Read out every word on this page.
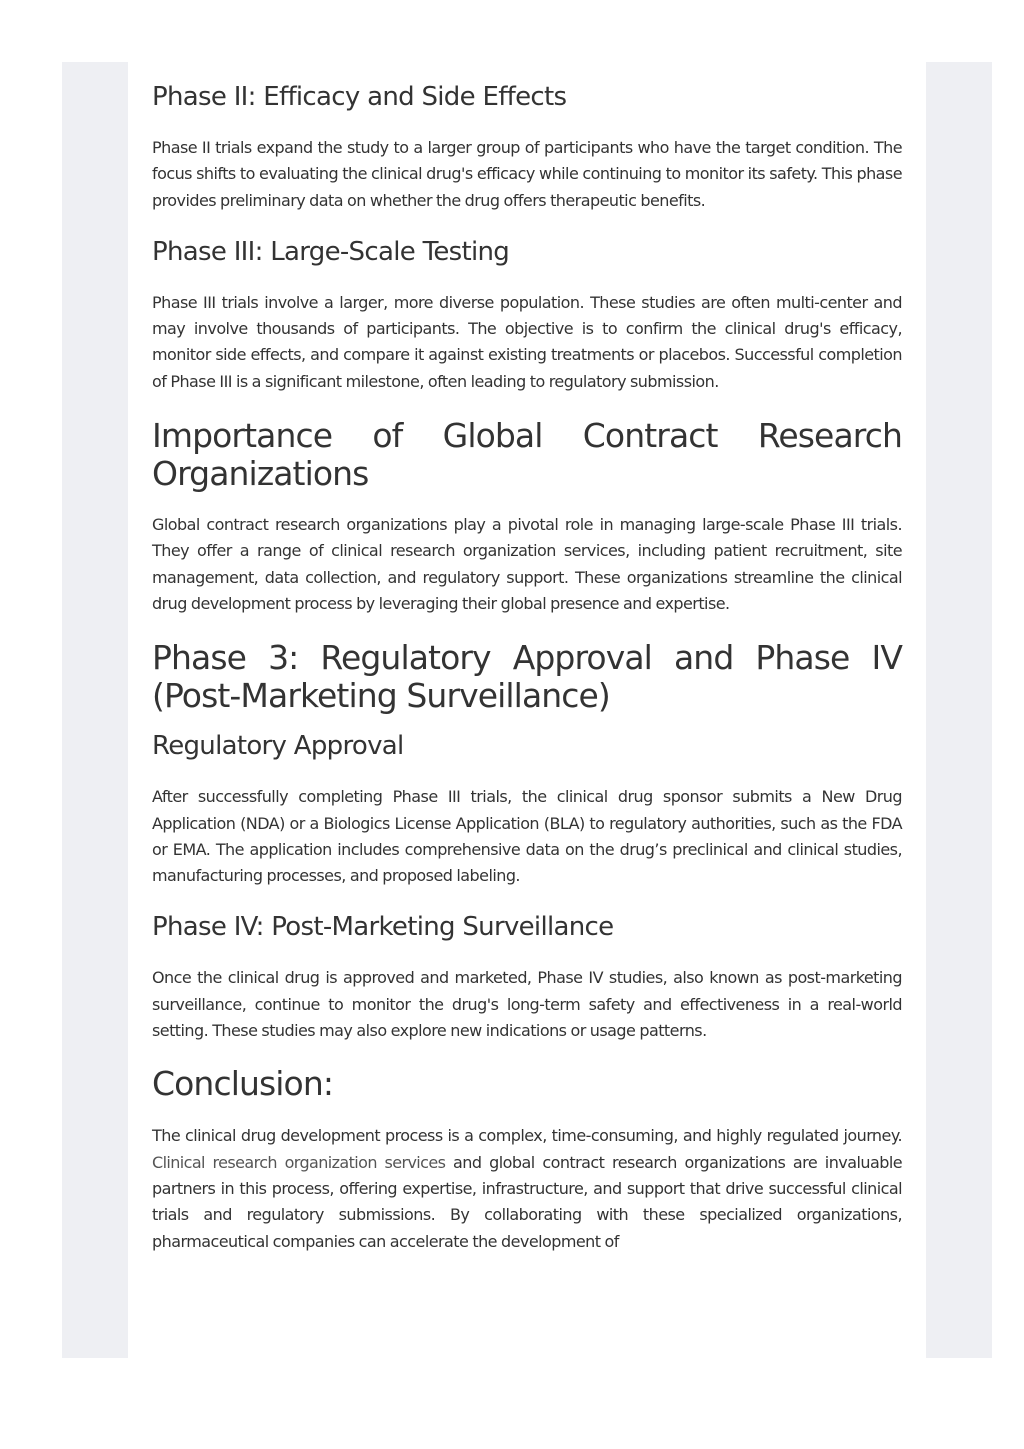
Phase II: Efficacy and Side Effects

Phase II trials expand the study to a larger group of participants who have the target condition. The focus shifts to evaluating the clinical drug's efficacy while continuing to monitor its safety. This phase provides preliminary data on whether the drug offers therapeutic benefits.

Phase III: Large-Scale Testing

Phase III trials involve a larger, more diverse population. These studies are often multi-center and may involve thousands of participants. The objective is to confirm the clinical drug's efficacy, monitor side effects, and compare it against existing treatments or placebos. Successful completion of Phase III is a significant milestone, often leading to regulatory submission.

Importance of Global Contract Research Organizations

Global contract research organizations play a pivotal role in managing large-scale Phase III trials. They offer a range of clinical research organization services, including patient recruitment, site management, data collection, and regulatory support. These organizations streamline the clinical drug development process by leveraging their global presence and expertise.

Phase 3: Regulatory Approval and Phase IV (Post-Marketing Surveillance)
Regulatory Approval

After successfully completing Phase III trials, the clinical drug sponsor submits a New Drug Application (NDA) or a Biologics License Application (BLA) to regulatory authorities, such as the FDA or EMA. The application includes comprehensive data on the drug’s preclinical and clinical studies, manufacturing processes, and proposed labeling.

Phase IV: Post-Marketing Surveillance

Once the clinical drug is approved and marketed, Phase IV studies, also known as post-marketing surveillance, continue to monitor the drug's long-term safety and effectiveness in a real-world setting. These studies may also explore new indications or usage patterns.

Conclusion:

The clinical drug development process is a complex, time-consuming, and highly regulated journey. Clinical research organization services and global contract research organizations are invaluable partners in this process, offering expertise, infrastructure, and support that drive successful clinical trials and regulatory submissions. By collaborating with these specialized organizations, pharmaceutical companies can accelerate the development of
